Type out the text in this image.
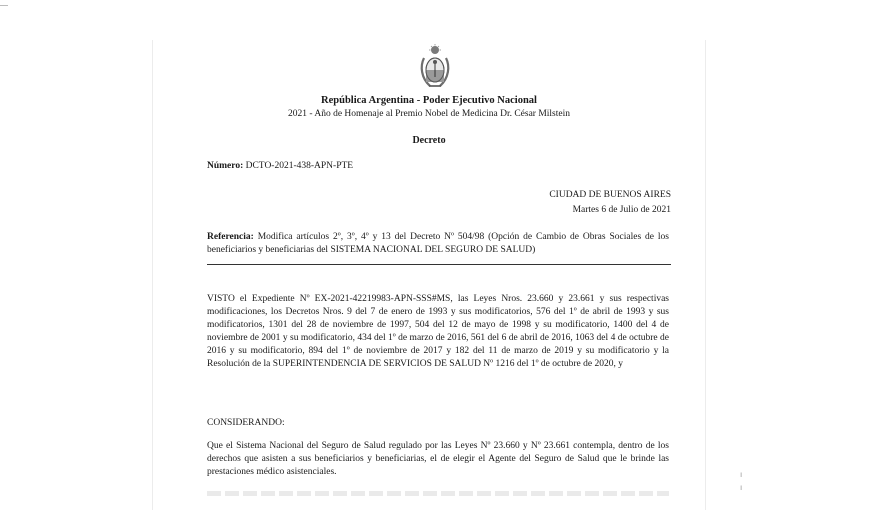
República Argentina - Poder Ejecutivo Nacional
2021 - Año de Homenaje al Premio Nobel de Medicina Dr. César Milstein
Decreto
Número: DCTO-2021-438-APN-PTE
CIUDAD DE BUENOS AIRES
Martes 6 de Julio de 2021
Referencia: Modifica artículos 2º, 3º, 4º y 13 del Decreto Nº 504/98 (Opción de Cambio de Obras Sociales de los beneficiarios y beneficiarias del SISTEMA NACIONAL DEL SEGURO DE SALUD)
VISTO el Expediente Nº EX-2021-42219983-APN-SSS#MS, las Leyes Nros. 23.660 y 23.661 y sus respectivas modificaciones, los Decretos Nros. 9 del 7 de enero de 1993 y sus modificatorios, 576 del 1º de abril de 1993 y sus modificatorios, 1301 del 28 de noviembre de 1997, 504 del 12 de mayo de 1998 y su modificatorio, 1400 del 4 de noviembre de 2001 y su modificatorio, 434 del 1º de marzo de 2016, 561 del 6 de abril de 2016, 1063 del 4 de octubre de 2016 y su modificatorio, 894 del 1º de noviembre de 2017 y 182 del 11 de marzo de 2019 y su modificatorio y la Resolución de la SUPERINTENDENCIA DE SERVICIOS DE SALUD Nº 1216 del 1º de octubre de 2020, y
CONSIDERANDO:
Que el Sistema Nacional del Seguro de Salud regulado por las Leyes Nº 23.660 y Nº 23.661 contempla, dentro de los derechos que asisten a sus beneficiarios y beneficiarias, el de elegir el Agente del Seguro de Salud que le brinde las prestaciones médico asistenciales.	ı
ı
